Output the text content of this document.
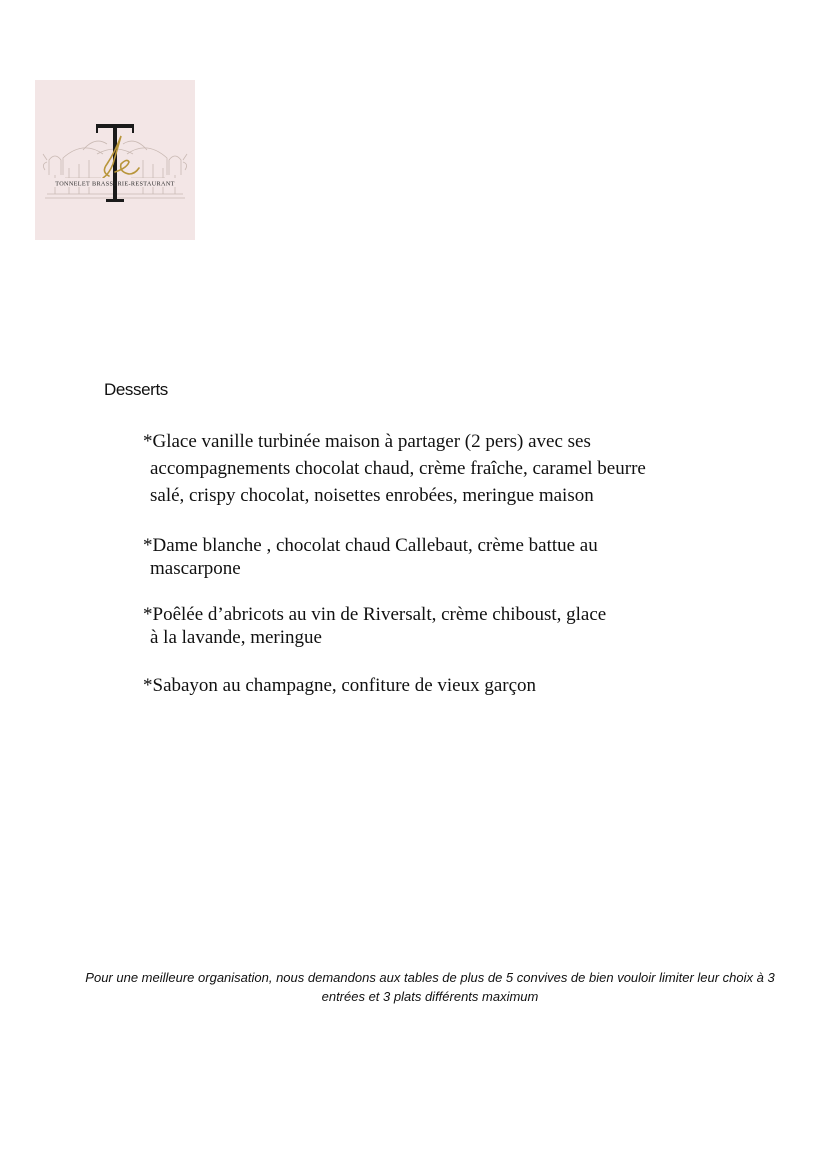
TONNELET BRASSERIE-RESTAURANT
Desserts

*Glace vanille turbinée maison à partager (2 pers) avec ses
accompagnements chocolat chaud, crème fraîche, caramel beurre
salé, crispy chocolat, noisettes enrobées, meringue maison

*Dame blanche , chocolat chaud Callebaut, crème battue au
mascarpone

*Poêlée d’abricots au vin de Riversalt, crème chiboust, glace
à la lavande, meringue

*Sabayon au champagne, confiture de vieux garçon

Pour une meilleure organisation, nous demandons aux tables de plus de 5 convives de bien vouloir limiter leur choix à 3
entrées et 3 plats différents maximum
